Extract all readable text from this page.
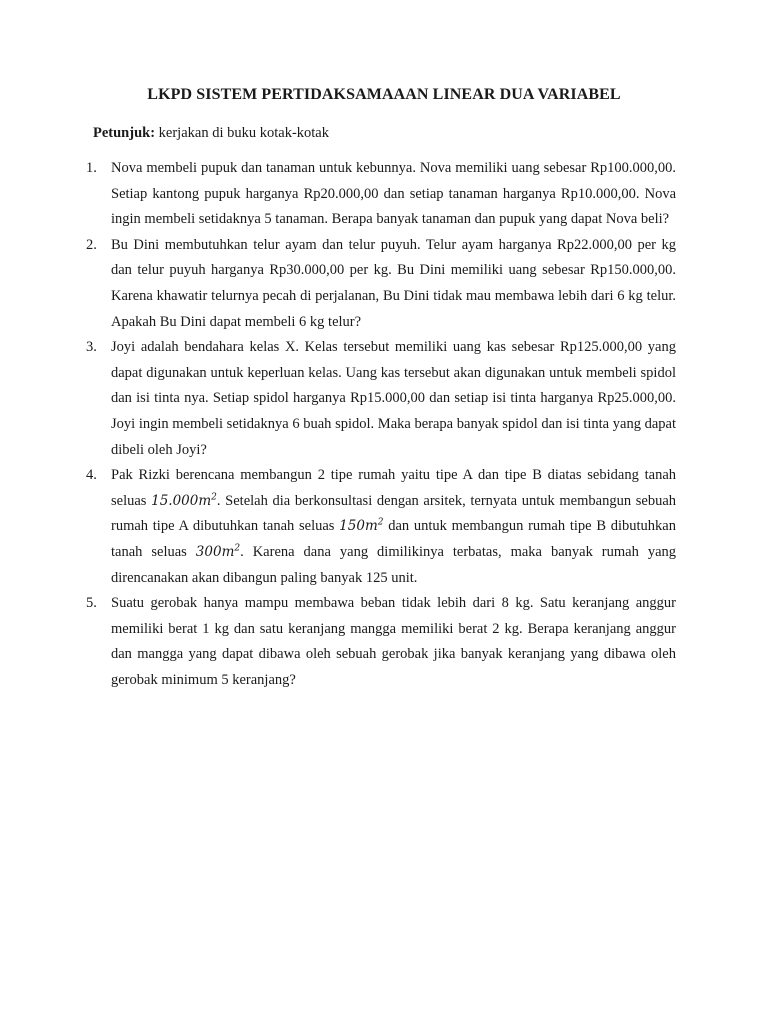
LKPD SISTEM PERTIDAKSAMAAAN LINEAR DUA VARIABEL
Petunjuk: kerjakan di buku kotak-kotak
1. Nova membeli pupuk dan tanaman untuk kebunnya. Nova memiliki uang sebesar Rp100.000,00. Setiap kantong pupuk harganya Rp20.000,00 dan setiap tanaman harganya Rp10.000,00. Nova ingin membeli setidaknya 5 tanaman. Berapa banyak tanaman dan pupuk yang dapat Nova beli?
2. Bu Dini membutuhkan telur ayam dan telur puyuh. Telur ayam harganya Rp22.000,00 per kg dan telur puyuh harganya Rp30.000,00 per kg. Bu Dini memiliki uang sebesar Rp150.000,00. Karena khawatir telurnya pecah di perjalanan, Bu Dini tidak mau membawa lebih dari 6 kg telur. Apakah Bu Dini dapat membeli 6 kg telur?
3. Joyi adalah bendahara kelas X. Kelas tersebut memiliki uang kas sebesar Rp125.000,00 yang dapat digunakan untuk keperluan kelas. Uang kas tersebut akan digunakan untuk membeli spidol dan isi tinta nya. Setiap spidol harganya Rp15.000,00 dan setiap isi tinta harganya Rp25.000,00. Joyi ingin membeli setidaknya 6 buah spidol. Maka berapa banyak spidol dan isi tinta yang dapat dibeli oleh Joyi?
4. Pak Rizki berencana membangun 2 tipe rumah yaitu tipe A dan tipe B diatas sebidang tanah seluas $15.000m^2$. Setelah dia berkonsultasi dengan arsitek, ternyata untuk membangun sebuah rumah tipe A dibutuhkan tanah seluas $150m^2$ dan untuk membangun rumah tipe B dibutuhkan tanah seluas $300m^2$. Karena dana yang dimilikinya terbatas, maka banyak rumah yang direncanakan akan dibangun paling banyak 125 unit.
5. Suatu gerobak hanya mampu membawa beban tidak lebih dari 8 kg. Satu keranjang anggur memiliki berat 1 kg dan satu keranjang mangga memiliki berat 2 kg. Berapa keranjang anggur dan mangga yang dapat dibawa oleh sebuah gerobak jika banyak keranjang yang dibawa oleh gerobak minimum 5 keranjang?
